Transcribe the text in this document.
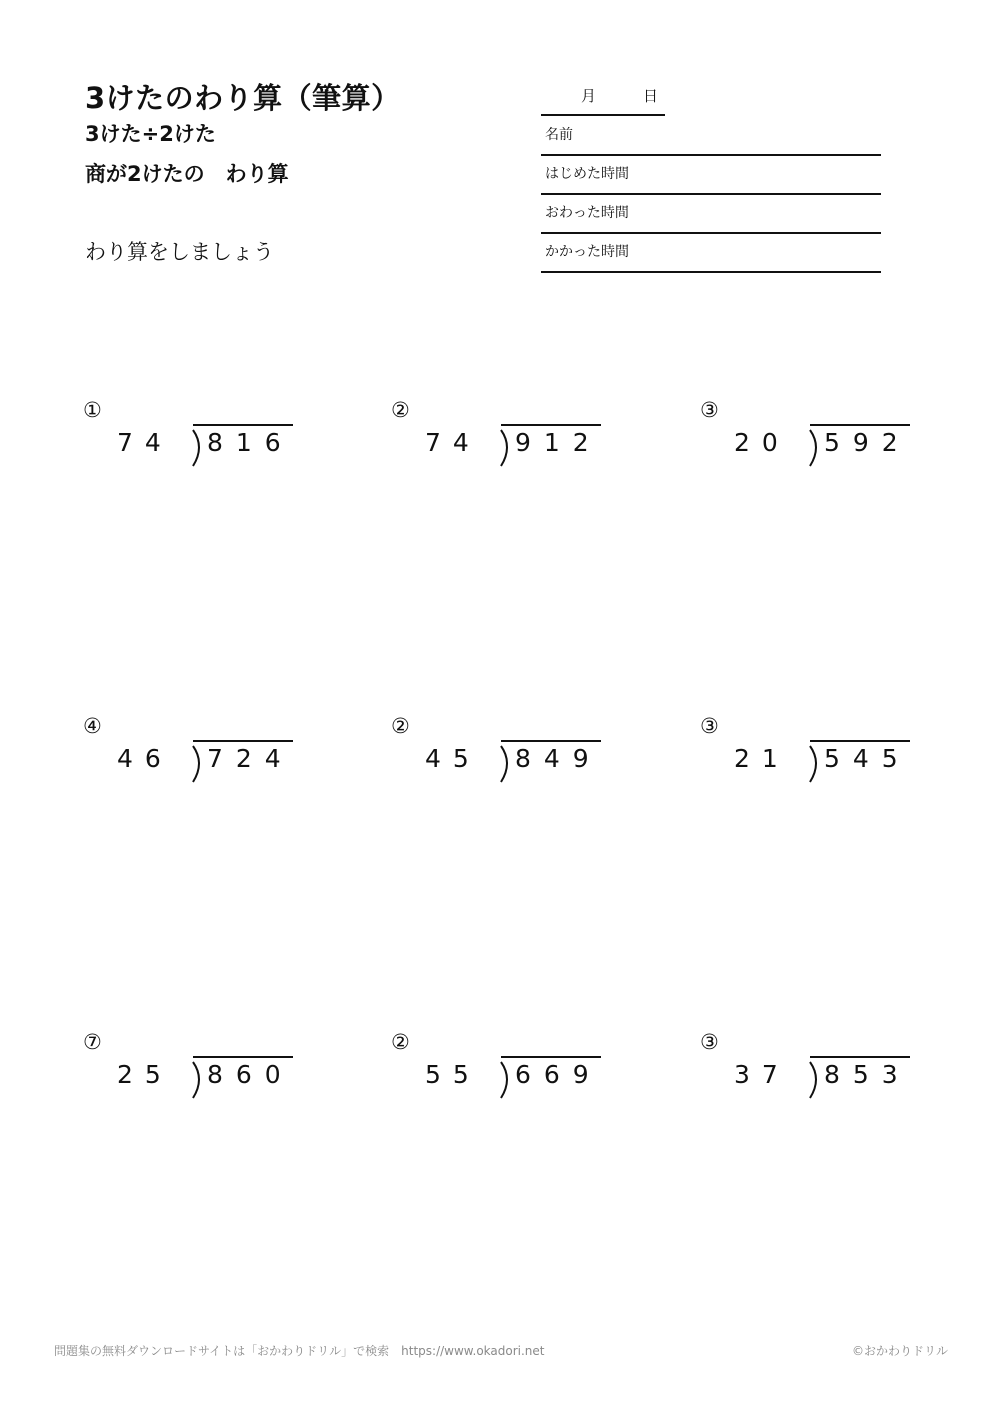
3けたのわり算（筆算）
3けた÷2けた
商が2けたの　わり算
わり算をしましょう
月	日
名前
はじめた時間
おわった時間
かかった時間
①
74 816
②
74 912
③
20 592
④
46 724
②
45 849
③
21 545
⑦
25 860
②
55 669
③
37 853
問題集の無料ダウンロードサイトは「おかわりドリル」で検索　https://www.okadori.net	©おかわりドリル
